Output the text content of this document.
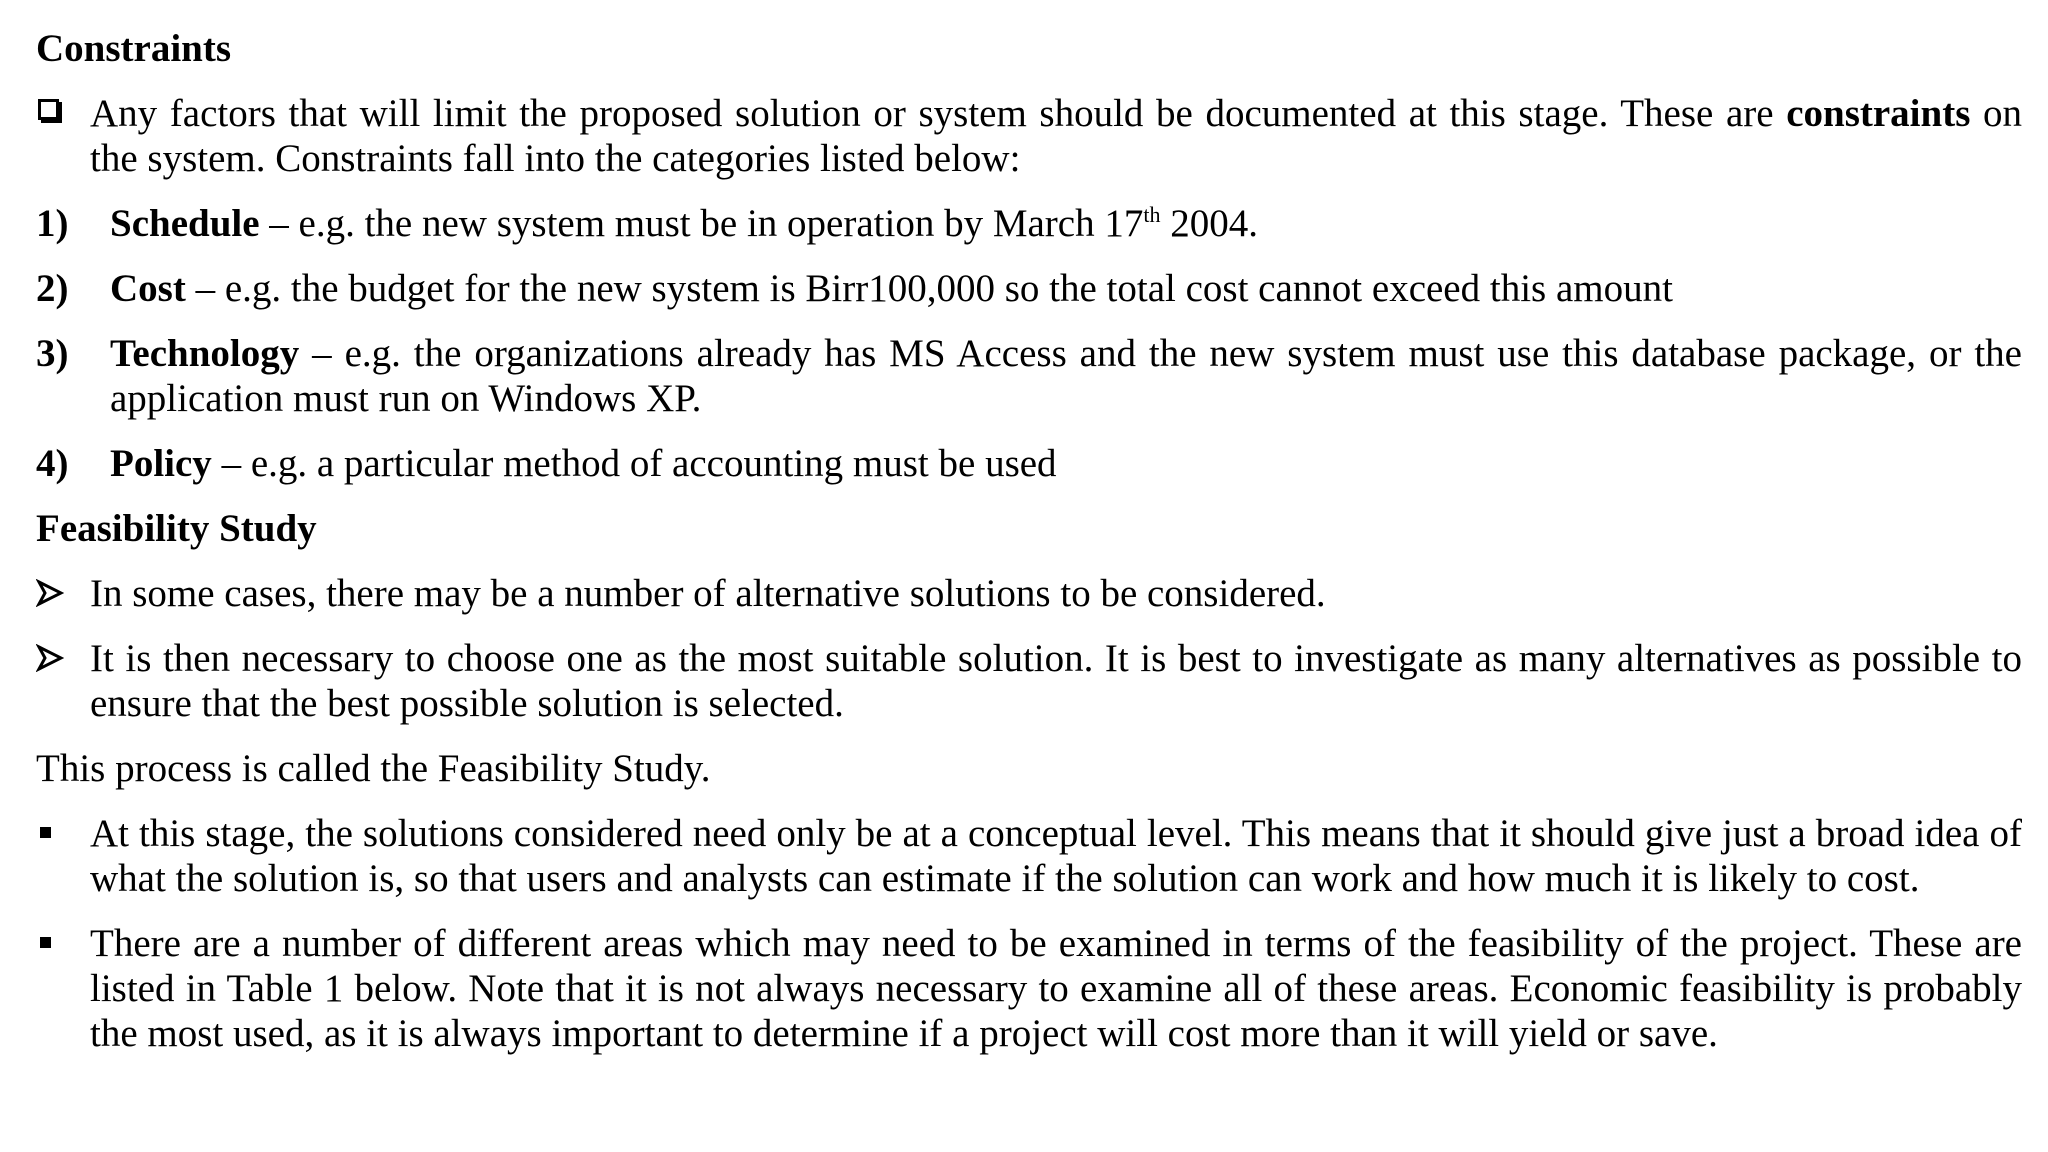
Constraints
Any factors that will limit the proposed solution or system should be documented at this stage. These are constraints on the system. Constraints fall into the categories listed below:
1) Schedule – e.g. the new system must be in operation by March 17th 2004.
2) Cost – e.g. the budget for the new system is Birr100,000 so the total cost cannot exceed this amount
3) Technology – e.g. the organizations already has MS Access and the new system must use this database package, or the application must run on Windows XP.
4) Policy – e.g. a particular method of accounting must be used
Feasibility Study
In some cases, there may be a number of alternative solutions to be considered.
It is then necessary to choose one as the most suitable solution. It is best to investigate as many alternatives as possible to ensure that the best possible solution is selected.
This process is called the Feasibility Study.
At this stage, the solutions considered need only be at a conceptual level. This means that it should give just a broad idea of what the solution is, so that users and analysts can estimate if the solution can work and how much it is likely to cost.
There are a number of different areas which may need to be examined in terms of the feasibility of the project. These are listed in Table 1 below. Note that it is not always necessary to examine all of these areas. Economic feasibility is probably the most used, as it is always important to determine if a project will cost more than it will yield or save.
